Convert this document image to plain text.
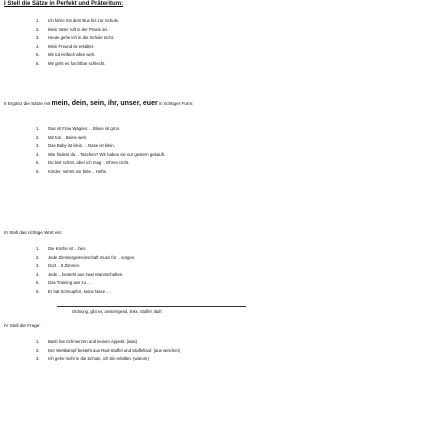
I Stell die Sätze in Perfekt und Präteritum:
1.	Ich fahre mit dem Bus bis zur Schule.
2.	Mein Vater ruft in der Praxis an.
3.	Heute gehe ich in die Schule nicht.
4.	Mein Freund ist erkältet.
5.	Mir tut einfach alles weh.
6.	Mir geht es furchtbar schlecht.
II Ergänz die Sätze mit mein, dein, sein, ihr, unser, euer in richtiger Form:
1.	Das ist Frau Wagner. .. Bluse ist grün.
2.	Mir tun .. Beine weh.
3.	Das Baby ist klein. .. Nase ist klein.
4.	Wie findest du .. Taschen? Wir haben sie nur gestern gekauft.
5.	Du bist schön, aber ich mag .. Ohren nicht.
6.	Kinder, nehmt mir bitte .. Hefte.
III Stell das richtige Wort ein:
1.	Die Küche ist .. hier.
2.	Jede Zimmergemeinschaft muss für .. sorgen.
3.	Dort .. 5 Zimmer.
4.	Jede .. besteht aus zwei Mannschaften.
5.	Das Training war zu .. .
6.	Er hat Schnupfen, seine Nase .. .
Ordnung, gibt es, anstrengend, links, Staffel, läuft
IV Stell die Frage:
1.	Basti hat Schmerzen und keinen Appetit. (was)
2.	Der Wettkampf besteht aus Rad-Staffel und Staffellauf. (aus welchen)
3.	Ich gehe nicht in die Schule, ich bin erkältet. (warum)
